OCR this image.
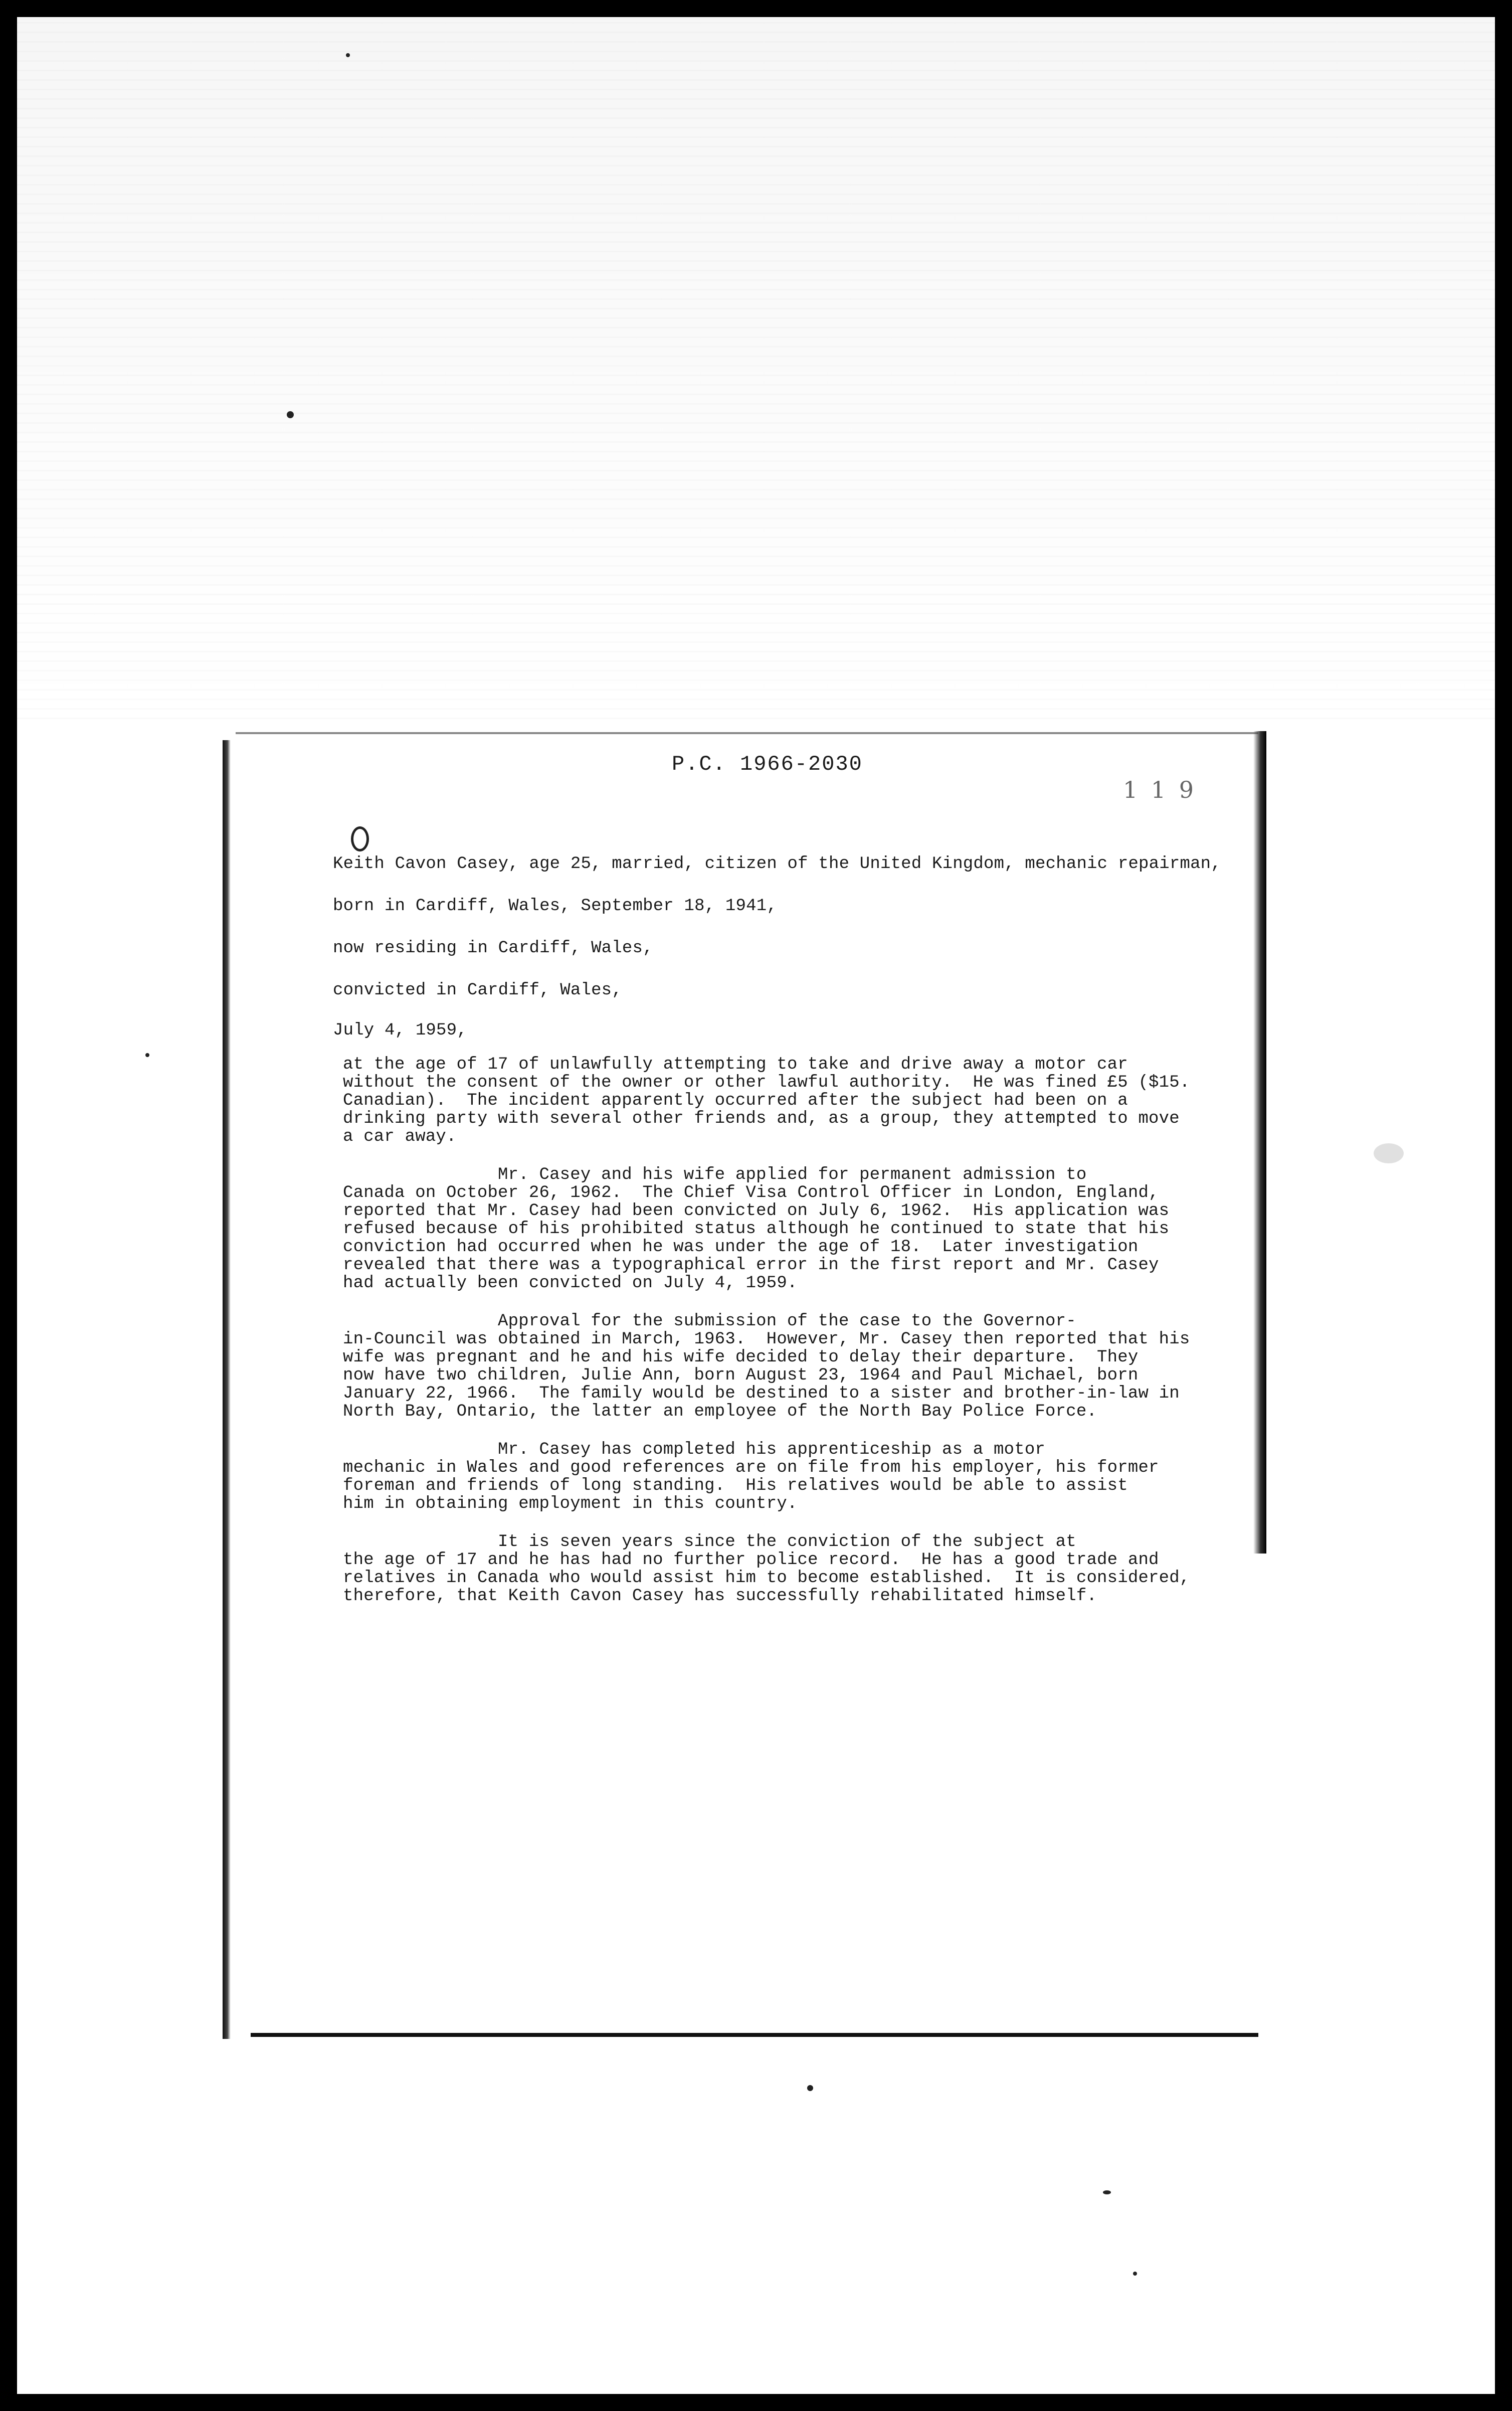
P.C. 1966-2030
1 1 9
Keith Cavon Casey, age 25, married, citizen of the United Kingdom, mechanic repairman,
born in Cardiff, Wales, September 18, 1941,
now residing in Cardiff, Wales,
convicted in Cardiff, Wales,
July 4, 1959,
at the age of 17 of unlawfully attempting to take and drive away a motor car
without the consent of the owner or other lawful authority.  He was fined £5 ($15.
Canadian).  The incident apparently occurred after the subject had been on a
drinking party with several other friends and, as a group, they attempted to move
a car away.
Mr. Casey and his wife applied for permanent admission to
Canada on October 26, 1962.  The Chief Visa Control Officer in London, England,
reported that Mr. Casey had been convicted on July 6, 1962.  His application was
refused because of his prohibited status although he continued to state that his
conviction had occurred when he was under the age of 18.  Later investigation
revealed that there was a typographical error in the first report and Mr. Casey
had actually been convicted on July 4, 1959.
Approval for the submission of the case to the Governor-
in-Council was obtained in March, 1963.  However, Mr. Casey then reported that his
wife was pregnant and he and his wife decided to delay their departure.  They
now have two children, Julie Ann, born August 23, 1964 and Paul Michael, born
January 22, 1966.  The family would be destined to a sister and brother-in-law in
North Bay, Ontario, the latter an employee of the North Bay Police Force.
Mr. Casey has completed his apprenticeship as a motor
mechanic in Wales and good references are on file from his employer, his former
foreman and friends of long standing.  His relatives would be able to assist
him in obtaining employment in this country.
It is seven years since the conviction of the subject at
the age of 17 and he has had no further police record.  He has a good trade and
relatives in Canada who would assist him to become established.  It is considered,
therefore, that Keith Cavon Casey has successfully rehabilitated himself.
